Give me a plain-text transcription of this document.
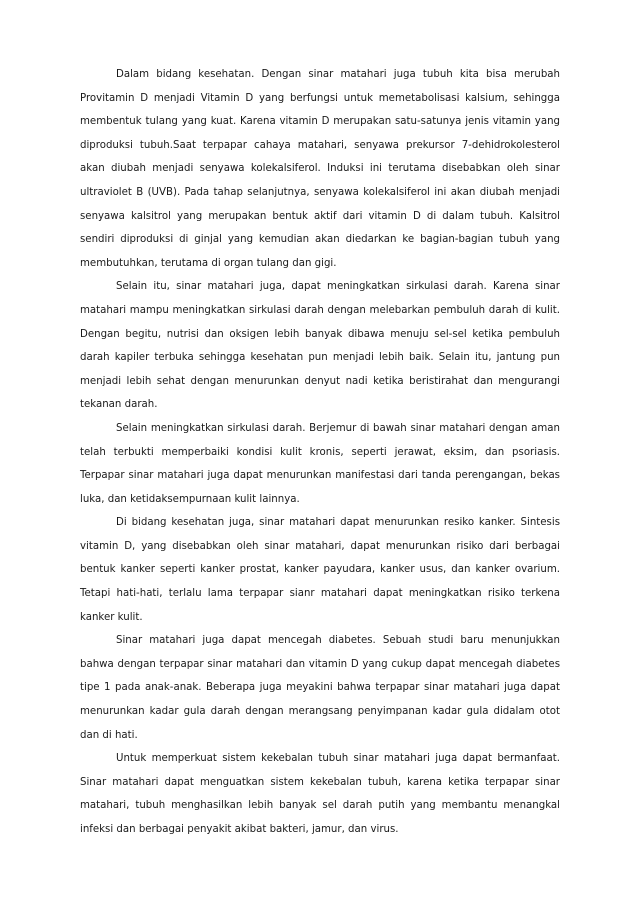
Dalam bidang kesehatan. Dengan sinar matahari juga tubuh kita bisa merubah Provitamin D menjadi Vitamin D yang berfungsi untuk memetabolisasi kalsium, sehingga membentuk tulang yang kuat. Karena vitamin D merupakan satu-satunya jenis vitamin yang diproduksi tubuh.Saat terpapar cahaya matahari, senyawa prekursor 7-dehidrokolesterol akan diubah menjadi senyawa kolekalsiferol. Induksi ini terutama disebabkan oleh sinar ultraviolet B (UVB). Pada tahap selanjutnya, senyawa kolekalsiferol ini akan diubah menjadi senyawa kalsitrol yang merupakan bentuk aktif dari vitamin D di dalam tubuh. Kalsitrol sendiri diproduksi di ginjal yang kemudian akan diedarkan ke bagian-bagian tubuh yang membutuhkan, terutama di organ tulang dan gigi.

Selain itu, sinar matahari juga, dapat meningkatkan sirkulasi darah. Karena sinar matahari mampu meningkatkan sirkulasi darah dengan melebarkan pembuluh darah di kulit. Dengan begitu, nutrisi dan oksigen lebih banyak dibawa menuju sel-sel ketika pembuluh darah kapiler terbuka sehingga kesehatan pun menjadi lebih baik. Selain itu, jantung pun menjadi lebih sehat dengan menurunkan denyut nadi ketika beristirahat dan mengurangi tekanan darah.

Selain meningkatkan sirkulasi darah. Berjemur di bawah sinar matahari dengan aman telah terbukti memperbaiki kondisi kulit kronis, seperti jerawat, eksim, dan psoriasis. Terpapar sinar matahari juga dapat menurunkan manifestasi dari tanda perengangan, bekas luka, dan ketidaksempurnaan kulit lainnya.

Di bidang kesehatan juga, sinar matahari dapat menurunkan resiko kanker. Sintesis vitamin D, yang disebabkan oleh sinar matahari, dapat menurunkan risiko dari berbagai bentuk kanker seperti kanker prostat, kanker payudara, kanker usus, dan kanker ovarium. Tetapi hati-hati, terlalu lama terpapar sianr matahari dapat meningkatkan risiko terkena kanker kulit.

Sinar matahari juga dapat mencegah diabetes. Sebuah studi baru menunjukkan bahwa dengan terpapar sinar matahari dan vitamin D yang cukup dapat mencegah diabetes tipe 1 pada anak-anak. Beberapa juga meyakini bahwa terpapar sinar matahari juga dapat menurunkan kadar gula darah dengan merangsang penyimpanan kadar gula didalam otot dan di hati.

Untuk memperkuat sistem kekebalan tubuh sinar matahari juga dapat bermanfaat. Sinar matahari dapat menguatkan sistem kekebalan tubuh, karena ketika terpapar sinar matahari, tubuh menghasilkan lebih banyak sel darah putih yang membantu menangkal infeksi dan berbagai penyakit akibat bakteri, jamur, dan virus.
